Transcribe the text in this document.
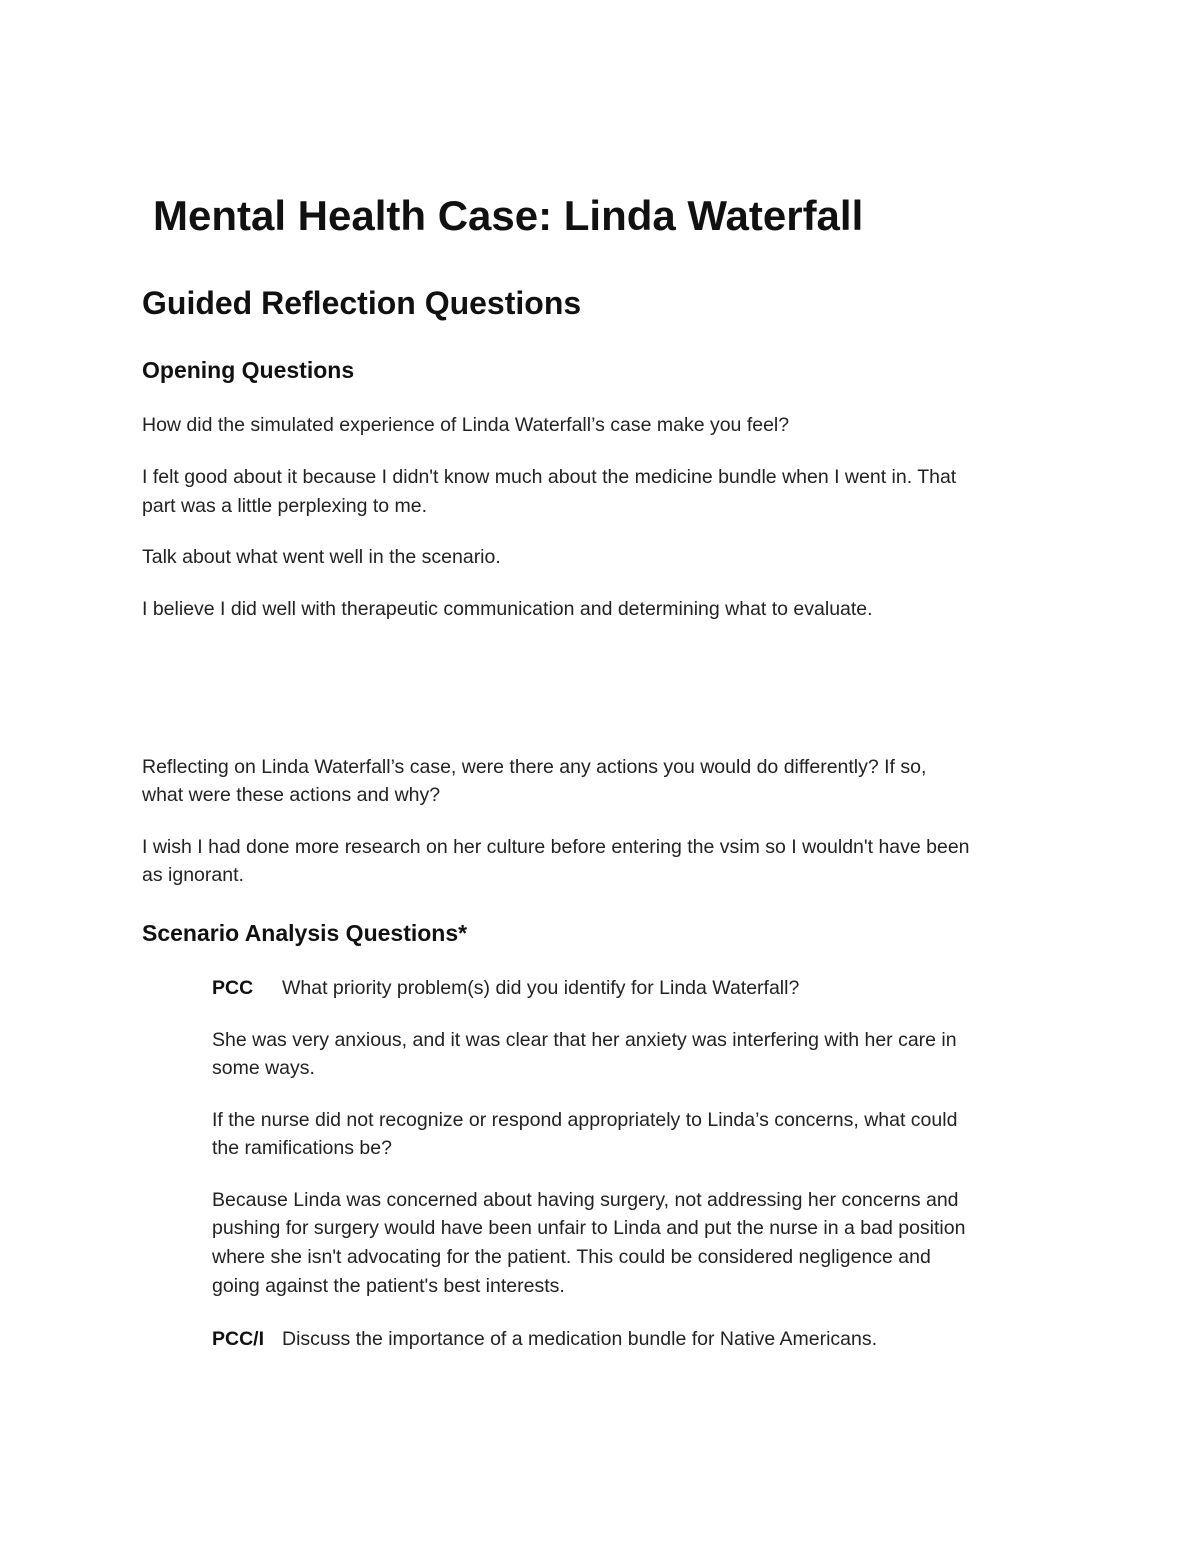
Mental Health Case: Linda Waterfall
Guided Reflection Questions
Opening Questions

How did the simulated experience of Linda Waterfall’s case make you feel?

I felt good about it because I didn't know much about the medicine bundle when I went in. That

part was a little perplexing to me.

Talk about what went well in the scenario.

I believe I did well with therapeutic communication and determining what to evaluate.

Reflecting on Linda Waterfall’s case, were there any actions you would do differently? If so,

what were these actions and why?

I wish I had done more research on her culture before entering the vsim so I wouldn't have been

as ignorant.

Scenario Analysis Questions*

PCC What priority problem(s) did you identify for Linda Waterfall?

She was very anxious, and it was clear that her anxiety was interfering with her care in

some ways.

If the nurse did not recognize or respond appropriately to Linda’s concerns, what could

the ramifications be?

Because Linda was concerned about having surgery, not addressing her concerns and

pushing for surgery would have been unfair to Linda and put the nurse in a bad position

where she isn't advocating for the patient. This could be considered negligence and

going against the patient's best interests.

PCC/I Discuss the importance of a medication bundle for Native Americans.
